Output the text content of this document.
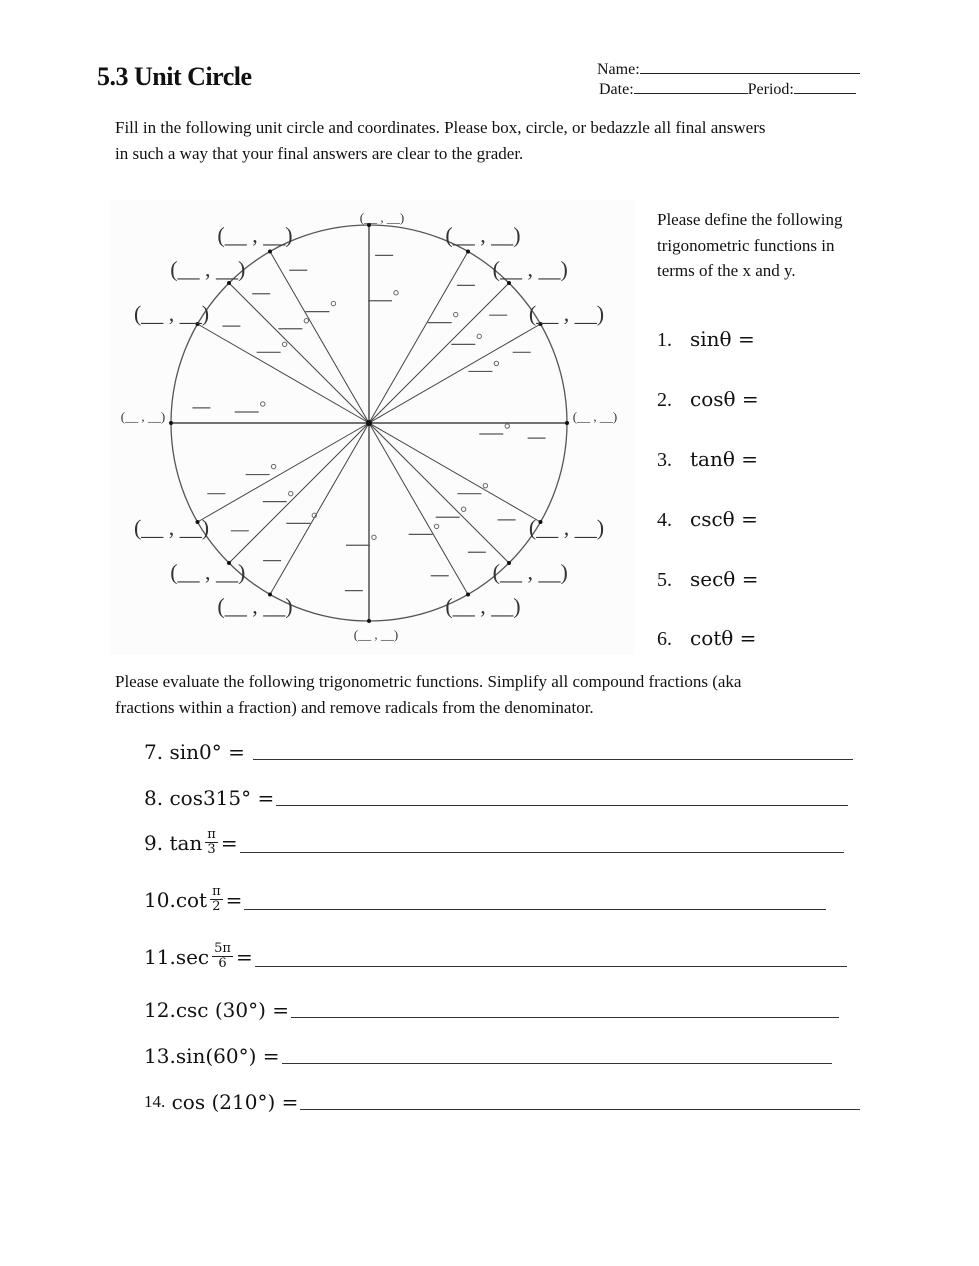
5.3 Unit Circle	Name:
Date:	Period:
Fill in the following unit circle and coordinates. Please box, circle, or bedazzle all final answers
in such a way that your final answers are clear to the grader.
(__ , __)
(__ , __)
(__ , __)
(__ , __)
(__ , __)
(__ , __)
(__ , __)
(__ , __)
(__ , __)
(__ , __)
(__ , __)
(__ , __)
(__ , __)
(__ , __)
(__ , __)
(__ , __)
Please define the following trigonometric functions in terms of the x and y.
1. sinθ =
2. cosθ =
3. tanθ =
4. cscθ =
5. secθ =
6. cotθ =
Please evaluate the following trigonometric functions. Simplify all compound fractions (aka
fractions within a fraction) and remove radicals from the denominator.
7.
sin0° =
8.
cos315° =
9.
$\tan \frac{\pi}{3}$ =
10. $\cot \frac{\pi}{2}$ =
11. $\sec \frac{5\pi}{6}$ =
12. csc (30°) =
13. sin(60°) =
14.
cos (210°) =
